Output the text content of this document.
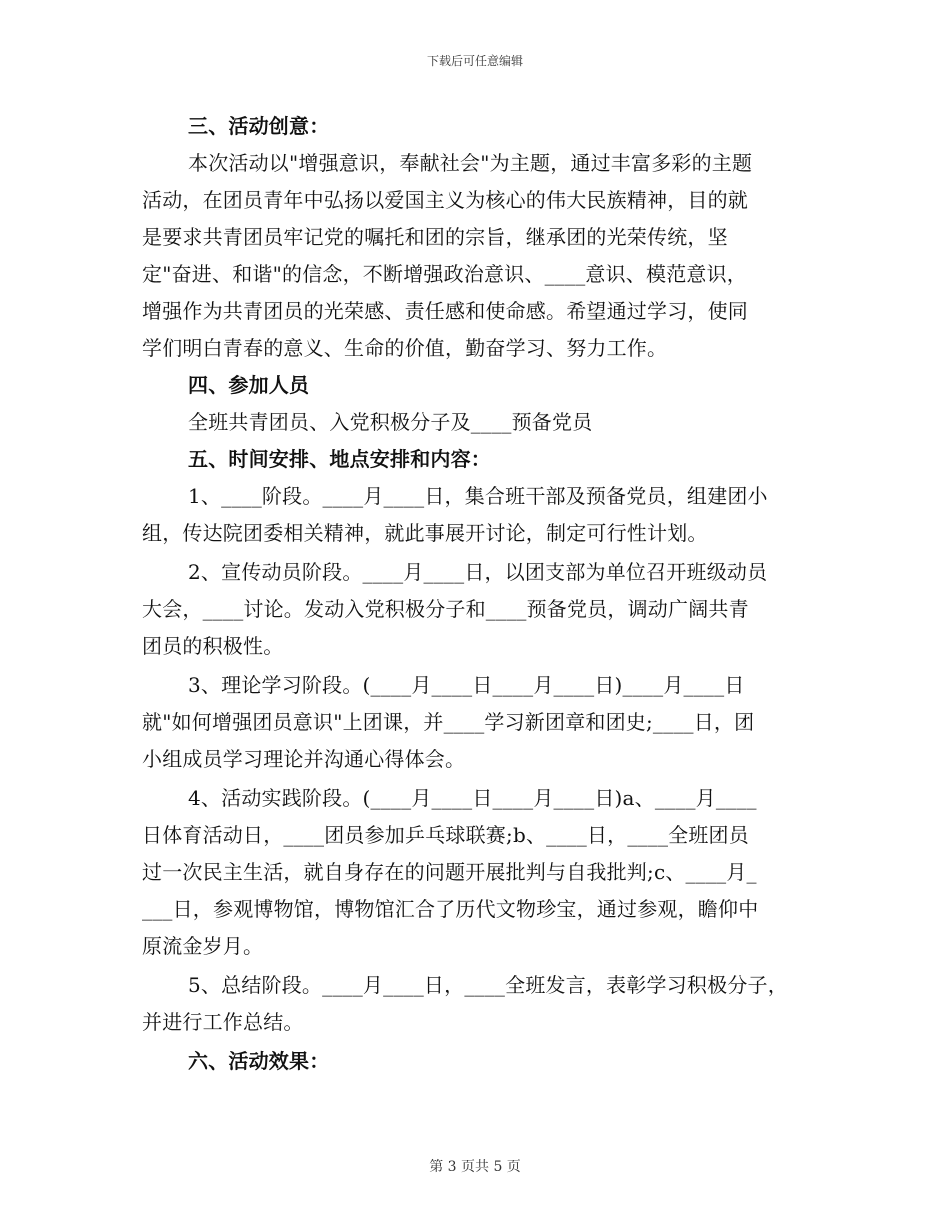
下载后可任意编辑
三、活动创意：
本次活动以"增强意识，奉献社会"为主题，通过丰富多彩的主题
活动，在团员青年中弘扬以爱国主义为核心的伟大民族精神，目的就
是要求共青团员牢记党的嘱托和团的宗旨，继承团的光荣传统，坚
定"奋进、和谐"的信念，不断增强政治意识、____意识、模范意识，
增强作为共青团员的光荣感、责任感和使命感。希望通过学习，使同
学们明白青春的意义、生命的价值，勤奋学习、努力工作。
四、参加人员
全班共青团员、入党积极分子及____预备党员
五、时间安排、地点安排和内容：
1、____阶段。____月____日，集合班干部及预备党员，组建团小
组，传达院团委相关精神，就此事展开讨论，制定可行性计划。
2、宣传动员阶段。____月____日，以团支部为单位召开班级动员
大会，____讨论。发动入党积极分子和____预备党员，调动广阔共青
团员的积极性。
3、理论学习阶段。(____月____日____月____日)____月____日
就"如何增强团员意识"上团课，并____学习新团章和团史;____日，团
小组成员学习理论并沟通心得体会。
4、活动实践阶段。(____月____日____月____日)a、____月____
日体育活动日，____团员参加乒乓球联赛;b、____日，____全班团员
过一次民主生活，就自身存在的问题开展批判与自我批判;c、____月_
___日，参观博物馆，博物馆汇合了历代文物珍宝，通过参观，瞻仰中
原流金岁月。
5、总结阶段。____月____日，____全班发言，表彰学习积极分子，
并进行工作总结。
六、活动效果：
第 3 页共 5 页
